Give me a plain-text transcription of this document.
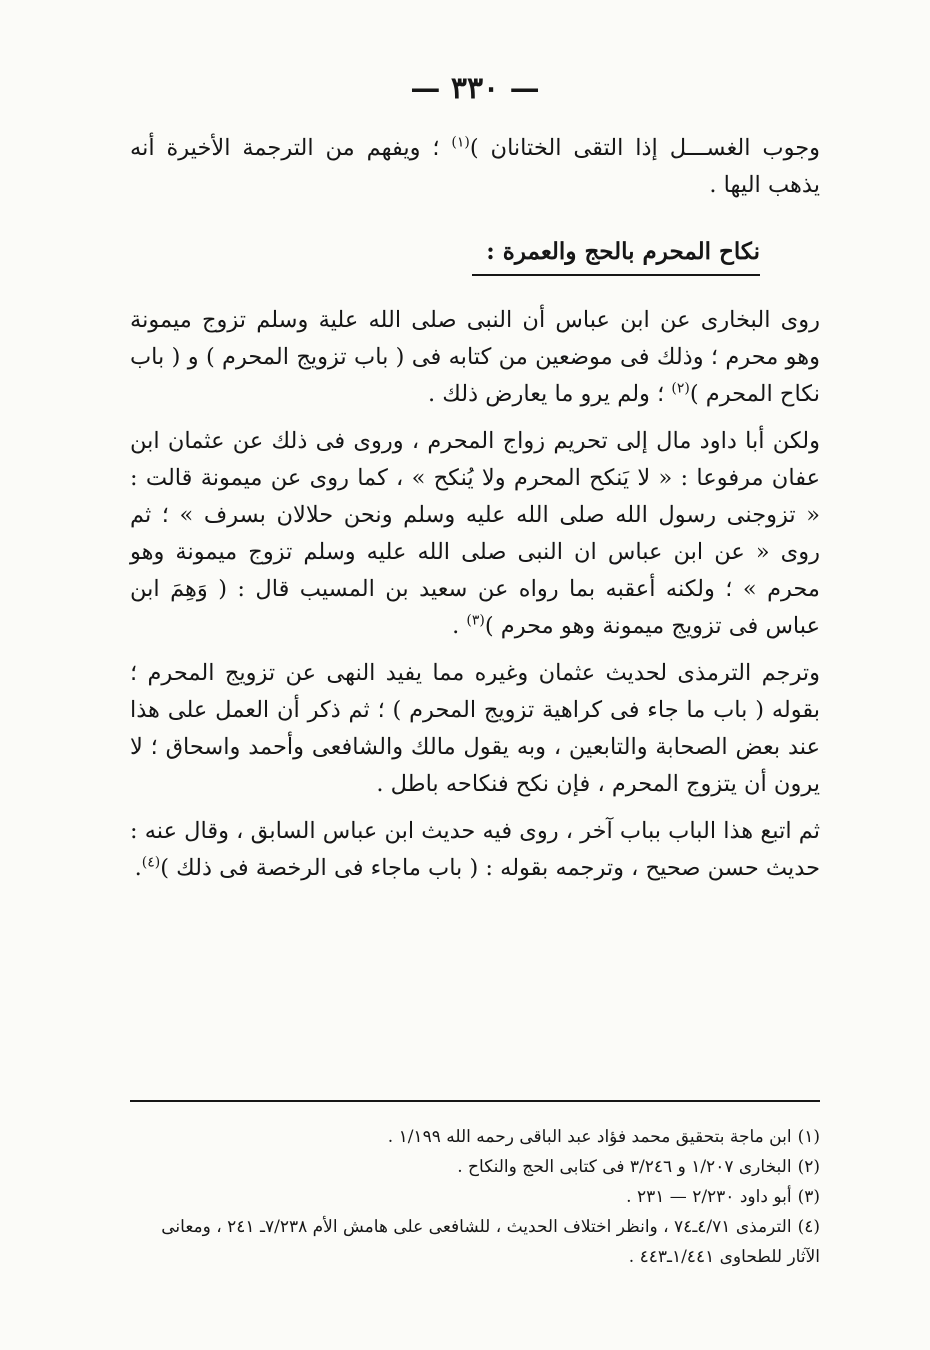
— ٣٣٠ —

وجوب الغســـل إذا التقى الختانان )$^{(١)}$ ؛ ويفهم من الترجمة الأخيرة أنه يذهب اليها .

نكاح المحرم بالحج والعمرة :

روى البخارى عن ابن عباس أن النبى صلى الله علية وسلم تزوج ميمونة وهو محرم ؛ وذلك فى موضعين من كتابه فى ( باب تزويج المحرم ) و ( باب نكاح المحرم )$^{(٢)}$ ؛ ولم يرو ما يعارض ذلك .

ولكن أبا داود مال إلى تحريم زواج المحرم ، وروى فى ذلك عن عثمان ابن عفان مرفوعا : « لا يَنكح المحرم ولا يُنكح » ، كما روى عن ميمونة قالت : « تزوجنى رسول الله صلى الله عليه وسلم ونحن حلالان بسرف » ؛ ثم روى « عن ابن عباس ان النبى صلى الله عليه وسلم تزوج ميمونة وهو محرم » ؛ ولكنه أعقبه بما رواه عن سعيد بن المسيب قال : ( وَهِمَ ابن عباس فى تزويج ميمونة وهو محرم )$^{(٣)}$ .

وترجم الترمذى لحديث عثمان وغيره مما يفيد النهى عن تزويج المحرم ؛ بقوله ( باب ما جاء فى كراهية تزويج المحرم ) ؛ ثم ذكر أن العمل على هذا عند بعض الصحابة والتابعين ، وبه يقول مالك والشافعى وأحمد واسحاق ؛ لا يرون أن يتزوج المحرم ، فإن نكح فنكاحه باطل .

ثم اتبع هذا الباب بباب آخر ، روى فيه حديث ابن عباس السابق ، وقال عنه : حديث حسن صحيح ، وترجمه بقوله : ( باب ماجاء فى الرخصة فى ذلك )$^{(٤)}$.

(١)ابن ماجة بتحقيق محمد فؤاد عبد الباقى رحمه الله ١/١٩٩ .

(٢)البخارى ١/٢٠٧ و ٣/٢٤٦ فى كتابى الحج والنكاح .

(٣)أبو داود ٢/٢٣٠ — ٢٣١ .

(٤)الترمذى ٤/٧١ـ٧٤ ، وانظر اختلاف الحديث ، للشافعى على هامش الأم ٧/٢٣٨ـ ٢٤١ ، ومعانى الآثار للطحاوى ١/٤٤١ـ٤٤٣ .
